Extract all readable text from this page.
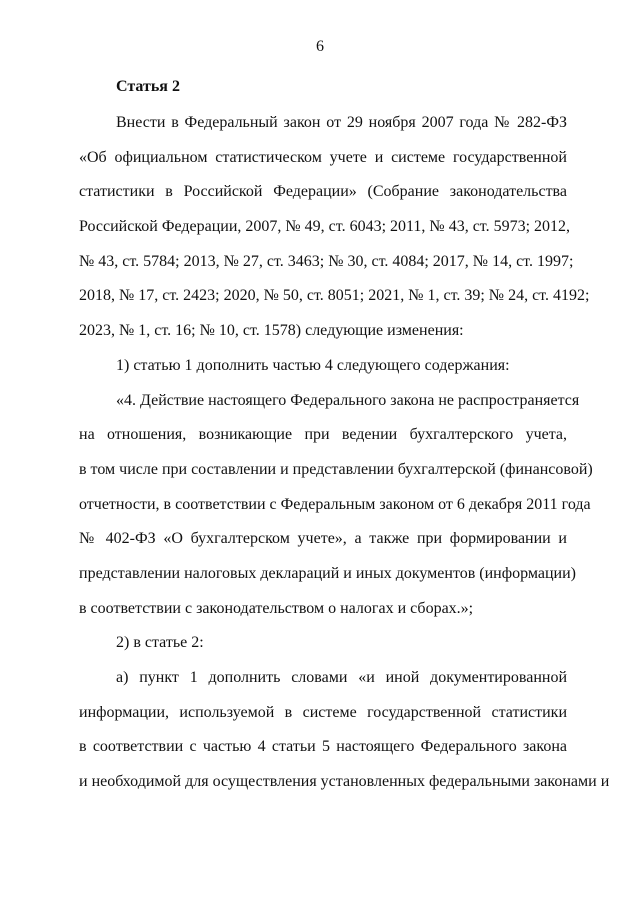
6
Статья 2
Внести в Федеральный закон от 29 ноября 2007 года № 282-ФЗ
«Об официальном статистическом учете и системе государственной
статистики в Российской Федерации» (Собрание законодательства
Российской Федерации, 2007, № 49, ст. 6043; 2011, № 43, ст. 5973; 2012,
№ 43, ст. 5784; 2013, № 27, ст. 3463; № 30, ст. 4084; 2017, № 14, ст. 1997;
2018, № 17, ст. 2423; 2020, № 50, ст. 8051; 2021, № 1, ст. 39; № 24, ст. 4192;
2023, № 1, ст. 16; № 10, ст. 1578) следующие изменения:
1) статью 1 дополнить частью 4 следующего содержания:
«4. Действие настоящего Федерального закона не распространяется
на отношения, возникающие при ведении бухгалтерского учета,
в том числе при составлении и представлении бухгалтерской (финансовой)
отчетности, в соответствии с Федеральным законом от 6 декабря 2011 года
№ 402-ФЗ «О бухгалтерском учете», а также при формировании и
представлении налоговых деклараций и иных документов (информации)
в соответствии с законодательством о налогах и сборах.»;
2) в статье 2:
а) пункт 1 дополнить словами «и иной документированной
информации, используемой в системе государственной статистики
в соответствии с частью 4 статьи 5 настоящего Федерального закона
и необходимой для осуществления установленных федеральными законами и
